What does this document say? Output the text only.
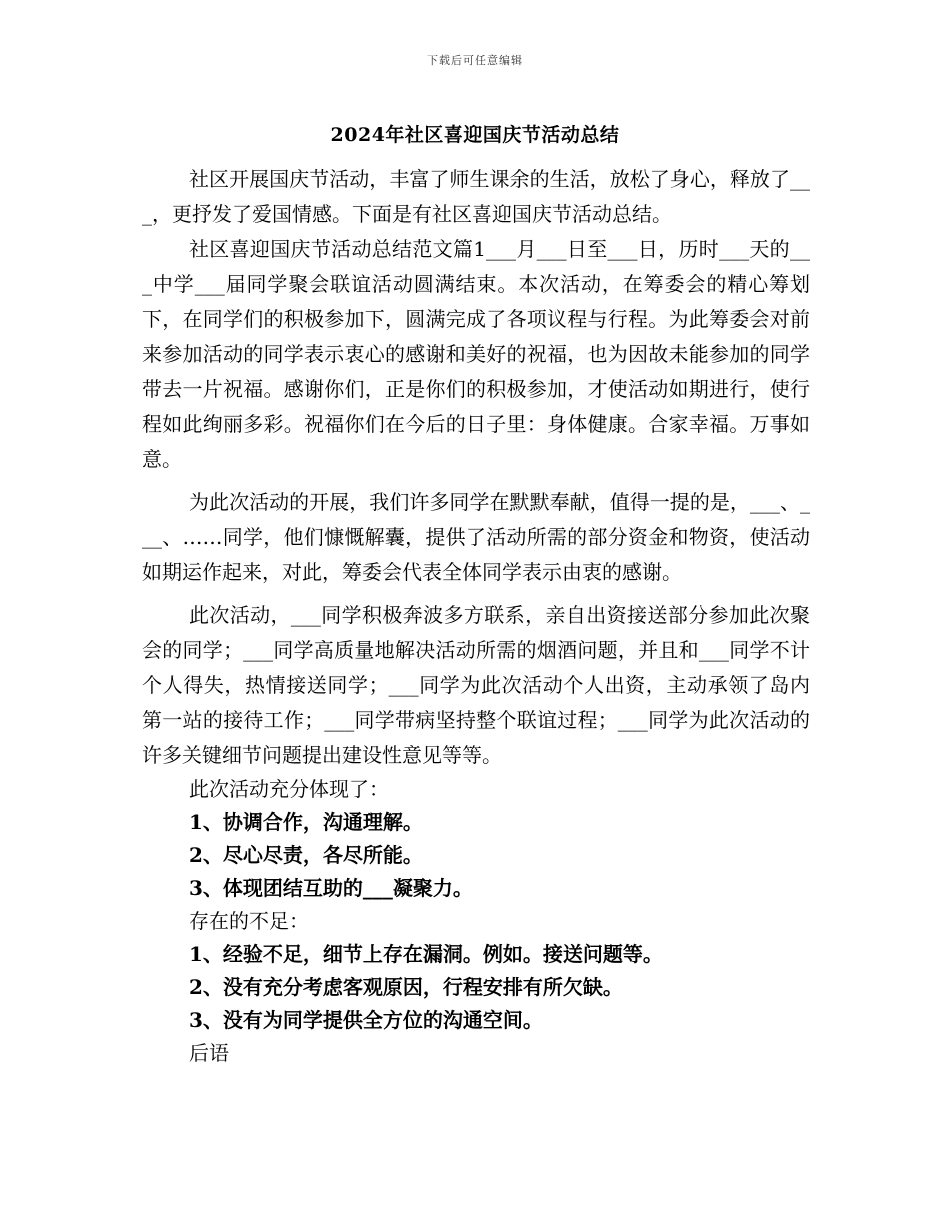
下载后可任意编辑
2024年社区喜迎国庆节活动总结

社区开展国庆节活动，丰富了师生课余的生活，放松了身心，释放了___，更抒发了爱国情感。下面是有社区喜迎国庆节活动总结。

社区喜迎国庆节活动总结范文篇1___月___日至___日，历时___天的___中学___届同学聚会联谊活动圆满结束。本次活动，在筹委会的精心筹划下，在同学们的积极参加下，圆满完成了各项议程与行程。为此筹委会对前来参加活动的同学表示衷心的感谢和美好的祝福，也为因故未能参加的同学带去一片祝福。感谢你们，正是你们的积极参加，才使活动如期进行，使行程如此绚丽多彩。祝福你们在今后的日子里：身体健康。合家幸福。万事如意。

为此次活动的开展，我们许多同学在默默奉献，值得一提的是，___、___、……同学，他们慷慨解囊，提供了活动所需的部分资金和物资，使活动如期运作起来，对此，筹委会代表全体同学表示由衷的感谢。

此次活动，___同学积极奔波多方联系，亲自出资接送部分参加此次聚会的同学；___同学高质量地解决活动所需的烟酒问题，并且和___同学不计个人得失，热情接送同学；___同学为此次活动个人出资，主动承领了岛内第一站的接待工作；___同学带病坚持整个联谊过程；___同学为此次活动的许多关键细节问题提出建设性意见等等。

此次活动充分体现了：
1、协调合作，沟通理解。
2、尽心尽责，各尽所能。
3、体现团结互助的___凝聚力。
存在的不足：
1、经验不足，细节上存在漏洞。例如。接送问题等。
2、没有充分考虑客观原因，行程安排有所欠缺。
3、没有为同学提供全方位的沟通空间。
后语
